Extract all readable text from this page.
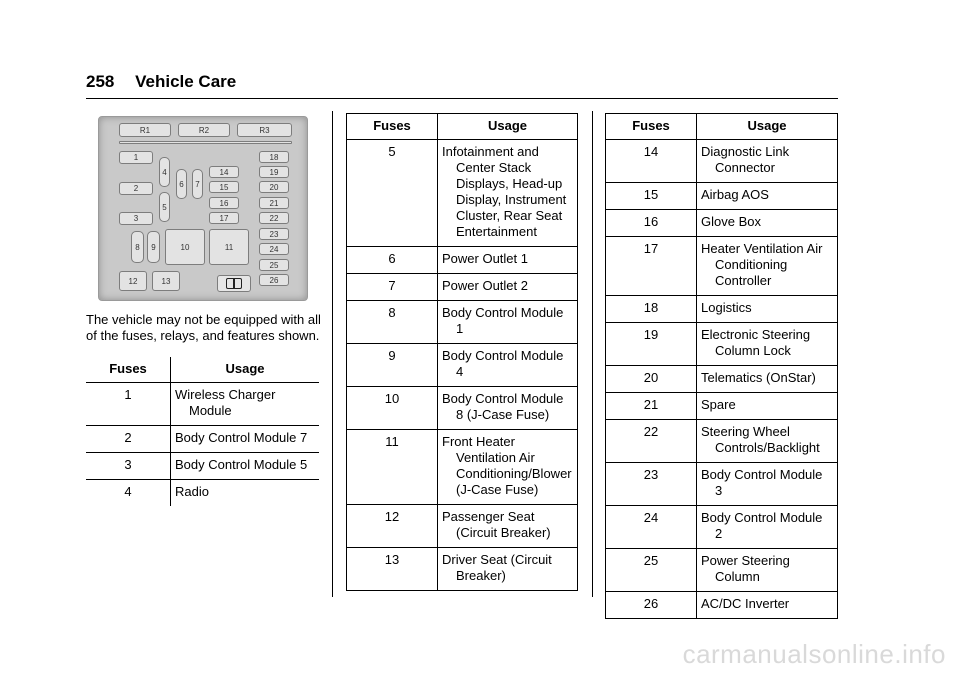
258 Vehicle Care
R1	R2	R3
1
2
3
4
5
6	7
14
15
16
17
18
19
20
21
22
23
24
25
26
8	9	10	11
12	13
The vehicle may not be equipped with all of the fuses, relays, and features shown.
Fuses	Usage
1	Wireless Charger Module

2	Body Control Module 7

3	Body Control Module 5

4	Radio
Fuses	Usage
5	Infotainment and Center Stack Displays, Head-up Display, Instrument Cluster, Rear Seat Entertainment

6	Power Outlet 1

7	Power Outlet 2

8	Body Control Module 1

9	Body Control Module 4

10	Body Control Module 8 (J-Case Fuse)

11	Front Heater Ventilation Air Conditioning/Blower (J-Case Fuse)

12	Passenger Seat (Circuit Breaker)

13	Driver Seat (Circuit Breaker)
Fuses	Usage
14	Diagnostic Link Connector

15	Airbag AOS

16	Glove Box

17	Heater Ventilation Air Conditioning Controller

18	Logistics

19	Electronic Steering Column Lock

20	Telematics (OnStar)

21	Spare

22	Steering Wheel Controls/Backlight

23	Body Control Module 3

24	Body Control Module 2

25	Power Steering Column

26	AC/DC Inverter
carmanualsonline.info
